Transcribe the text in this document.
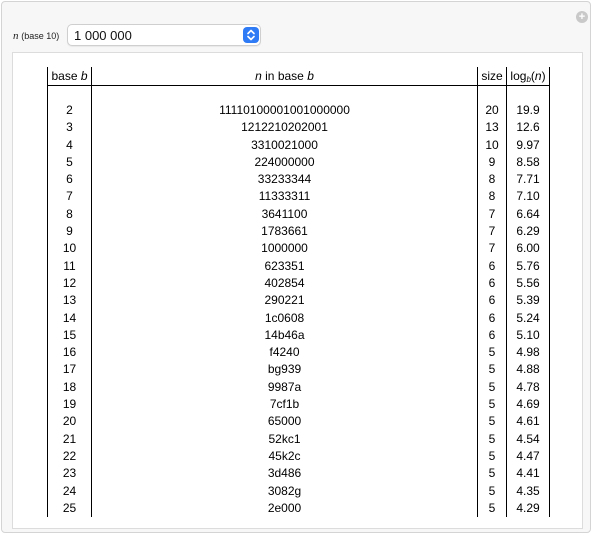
+
n (base 10) 1 000 000
base b	n in base b	size $\log_b(n)$
2	11110100001001000000	20	19.9
3	1212210202001	13	12.6
4	3310021000	10	9.97
5	224000000	9	8.58
6	33233344	8	7.71
7	11333311	8	7.10
8	3641100	7	6.64
9	1783661	7	6.29
10	1000000	7	6.00
11	623351	6	5.76
12	402854	6	5.56
13	290221	6	5.39
14	1c0608	6	5.24
15	14b46a	6	5.10
16	f4240	5	4.98
17	bg939	5	4.88
18	9987a	5	4.78
19	7cf1b	5	4.69
20	65000	5	4.61
21	52kc1	5	4.54
22	45k2c	5	4.47
23	3d486	5	4.41
24	3082g	5	4.35
25	2e000	5	4.29
